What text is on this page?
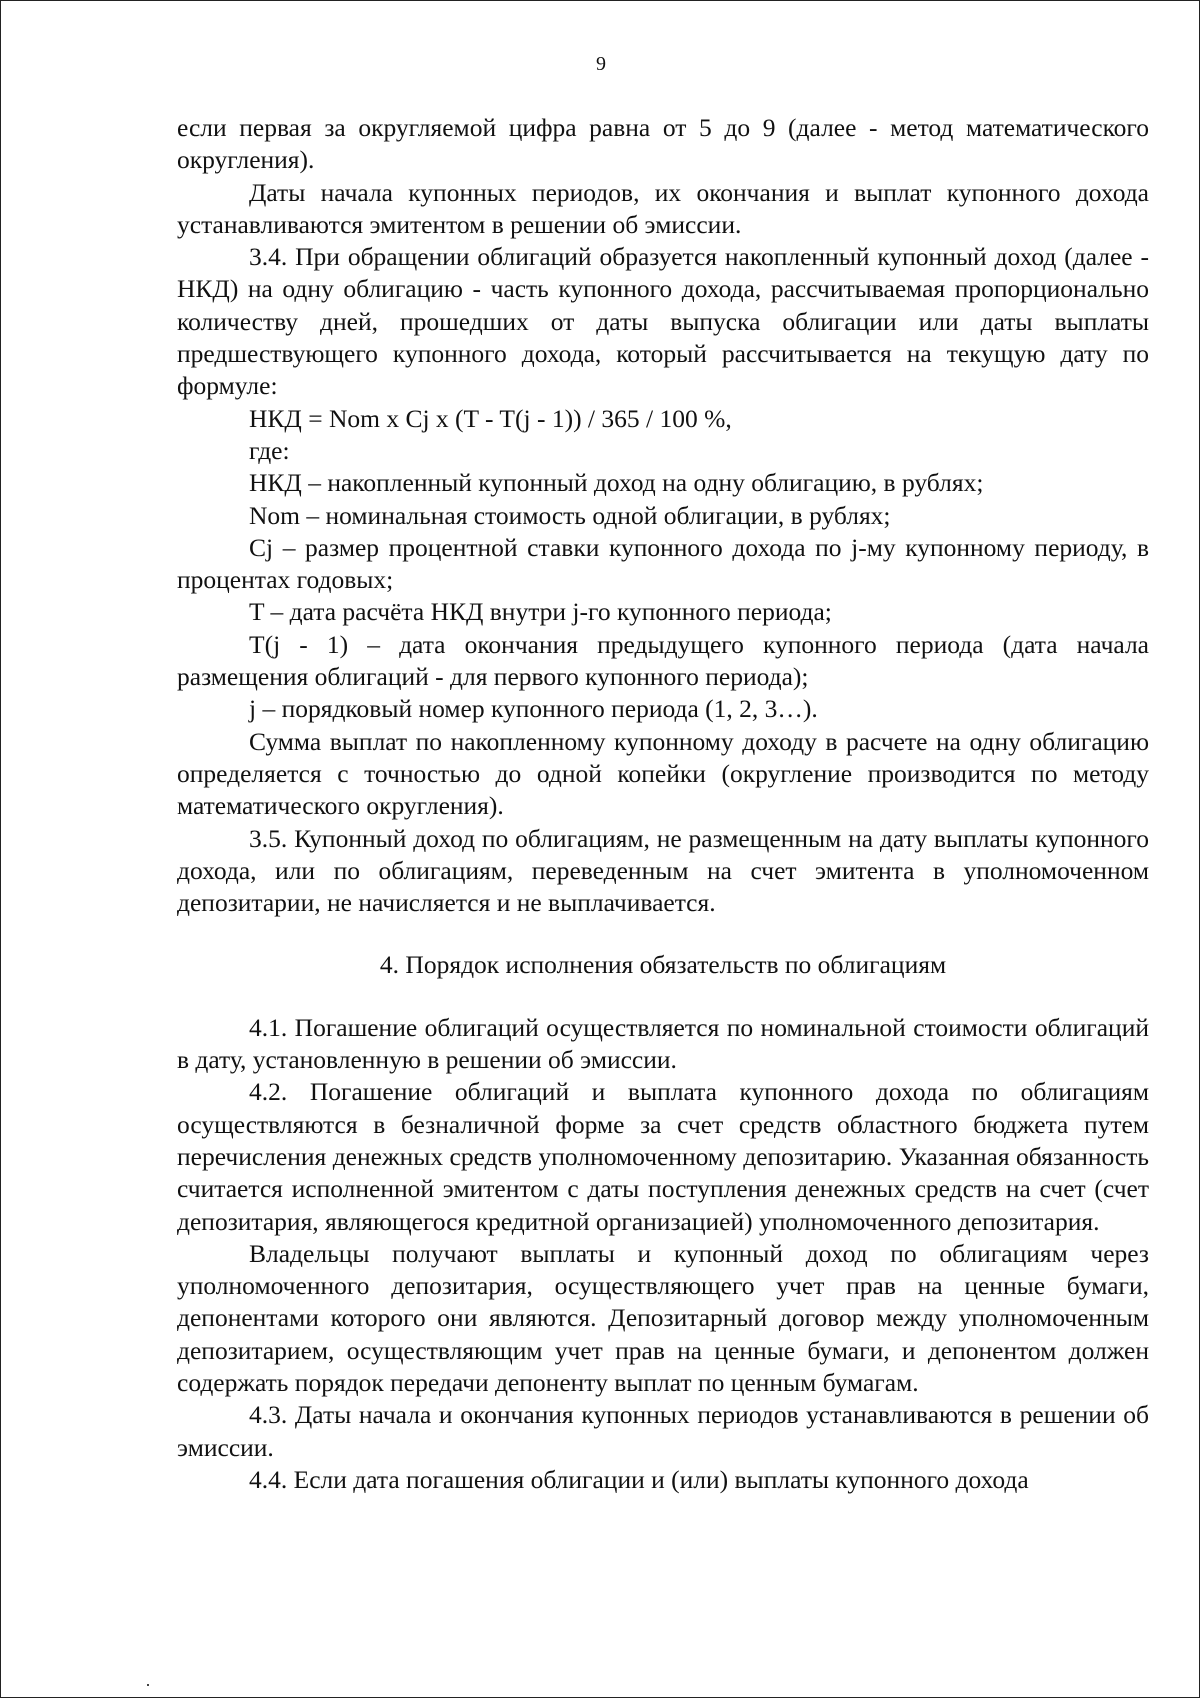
9

если первая за округляемой цифра равна от 5 до 9 (далее - метод математического округления).

Даты начала купонных периодов, их окончания и выплат купонного дохода устанавливаются эмитентом в решении об эмиссии.

3.4. При обращении облигаций образуется накопленный купонный доход (далее - НКД) на одну облигацию - часть купонного дохода, рассчитываемая пропорционально количеству дней, прошедших от даты выпуска облигации или даты выплаты предшествующего купонного дохода, который рассчитывается на текущую дату по формуле:

НКД = Nom x Cj x (T - T(j - 1)) / 365 / 100 %,

где:

НКД – накопленный купонный доход на одну облигацию, в рублях;

Nom – номинальная стоимость одной облигации, в рублях;

Cj – размер процентной ставки купонного дохода по j-му купонному периоду, в процентах годовых;

T – дата расчёта НКД внутри j-го купонного периода;

T(j - 1) – дата окончания предыдущего купонного периода (дата начала размещения облигаций - для первого купонного периода);

j – порядковый номер купонного периода (1, 2, 3…).

Сумма выплат по накопленному купонному доходу в расчете на одну облигацию определяется с точностью до одной копейки (округление производится по методу математического округления).

3.5. Купонный доход по облигациям, не размещенным на дату выплаты купонного дохода, или по облигациям, переведенным на счет эмитента в уполномоченном депозитарии, не начисляется и не выплачивается.

4. Порядок исполнения обязательств по облигациям

4.1. Погашение облигаций осуществляется по номинальной стоимости облигаций в дату, установленную в решении об эмиссии.

4.2. Погашение облигаций и выплата купонного дохода по облигациям осуществляются в безналичной форме за счет средств областного бюджета путем перечисления денежных средств уполномоченному депозитарию. Указанная обязанность считается исполненной эмитентом с даты поступления денежных средств на счет (счет депозитария, являющегося кредитной организацией) уполномоченного депозитария.

Владельцы получают выплаты и купонный доход по облигациям через уполномоченного депозитария, осуществляющего учет прав на ценные бумаги, депонентами которого они являются. Депозитарный договор между уполномоченным депозитарием, осуществляющим учет прав на ценные бумаги, и депонентом должен содержать порядок передачи депоненту выплат по ценным бумагам.

4.3. Даты начала и окончания купонных периодов устанавливаются в решении об эмиссии.

4.4. Если дата погашения облигации и (или) выплаты купонного дохода
